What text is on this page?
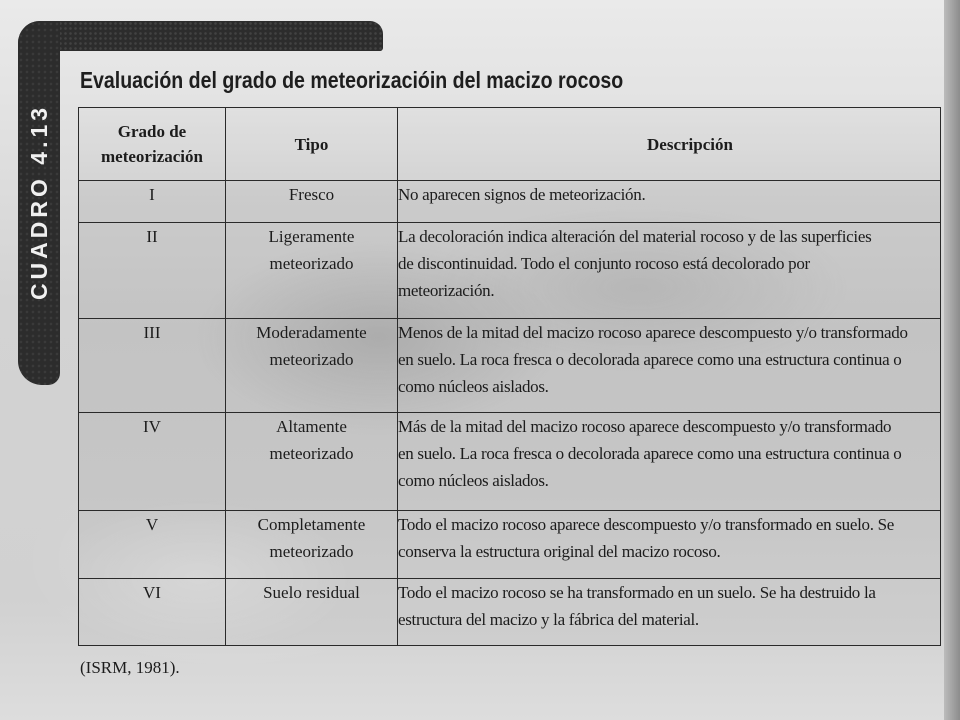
CUADRO 4.13
Evaluación del grado de meteorizacióin del macizo rocoso
Grado de
meteorización	Tipo	Descripción
I	Fresco	No aparecen signos de meteorización.

II	Ligeramente
meteorizado	La decoloración indica alteración del material rocoso y de las superficies
de discontinuidad. Todo el conjunto rocoso está decolorado por
meteorización.

III	Moderadamente
meteorizado	Menos de la mitad del macizo rocoso aparece descompuesto y/o transformado
en suelo. La roca fresca o decolorada aparece como una estructura continua o
como núcleos aislados.

IV	Altamente
meteorizado	Más de la mitad del macizo rocoso aparece descompuesto y/o transformado
en suelo. La roca fresca o decolorada aparece como una estructura continua o
como núcleos aislados.

V	Completamente
meteorizado	Todo el macizo rocoso aparece descompuesto y/o transformado en suelo. Se
conserva la estructura original del macizo rocoso.

VI	Suelo residual	Todo el macizo rocoso se ha transformado en un suelo. Se ha destruido la
estructura del macizo y la fábrica del material.
(ISRM, 1981).
